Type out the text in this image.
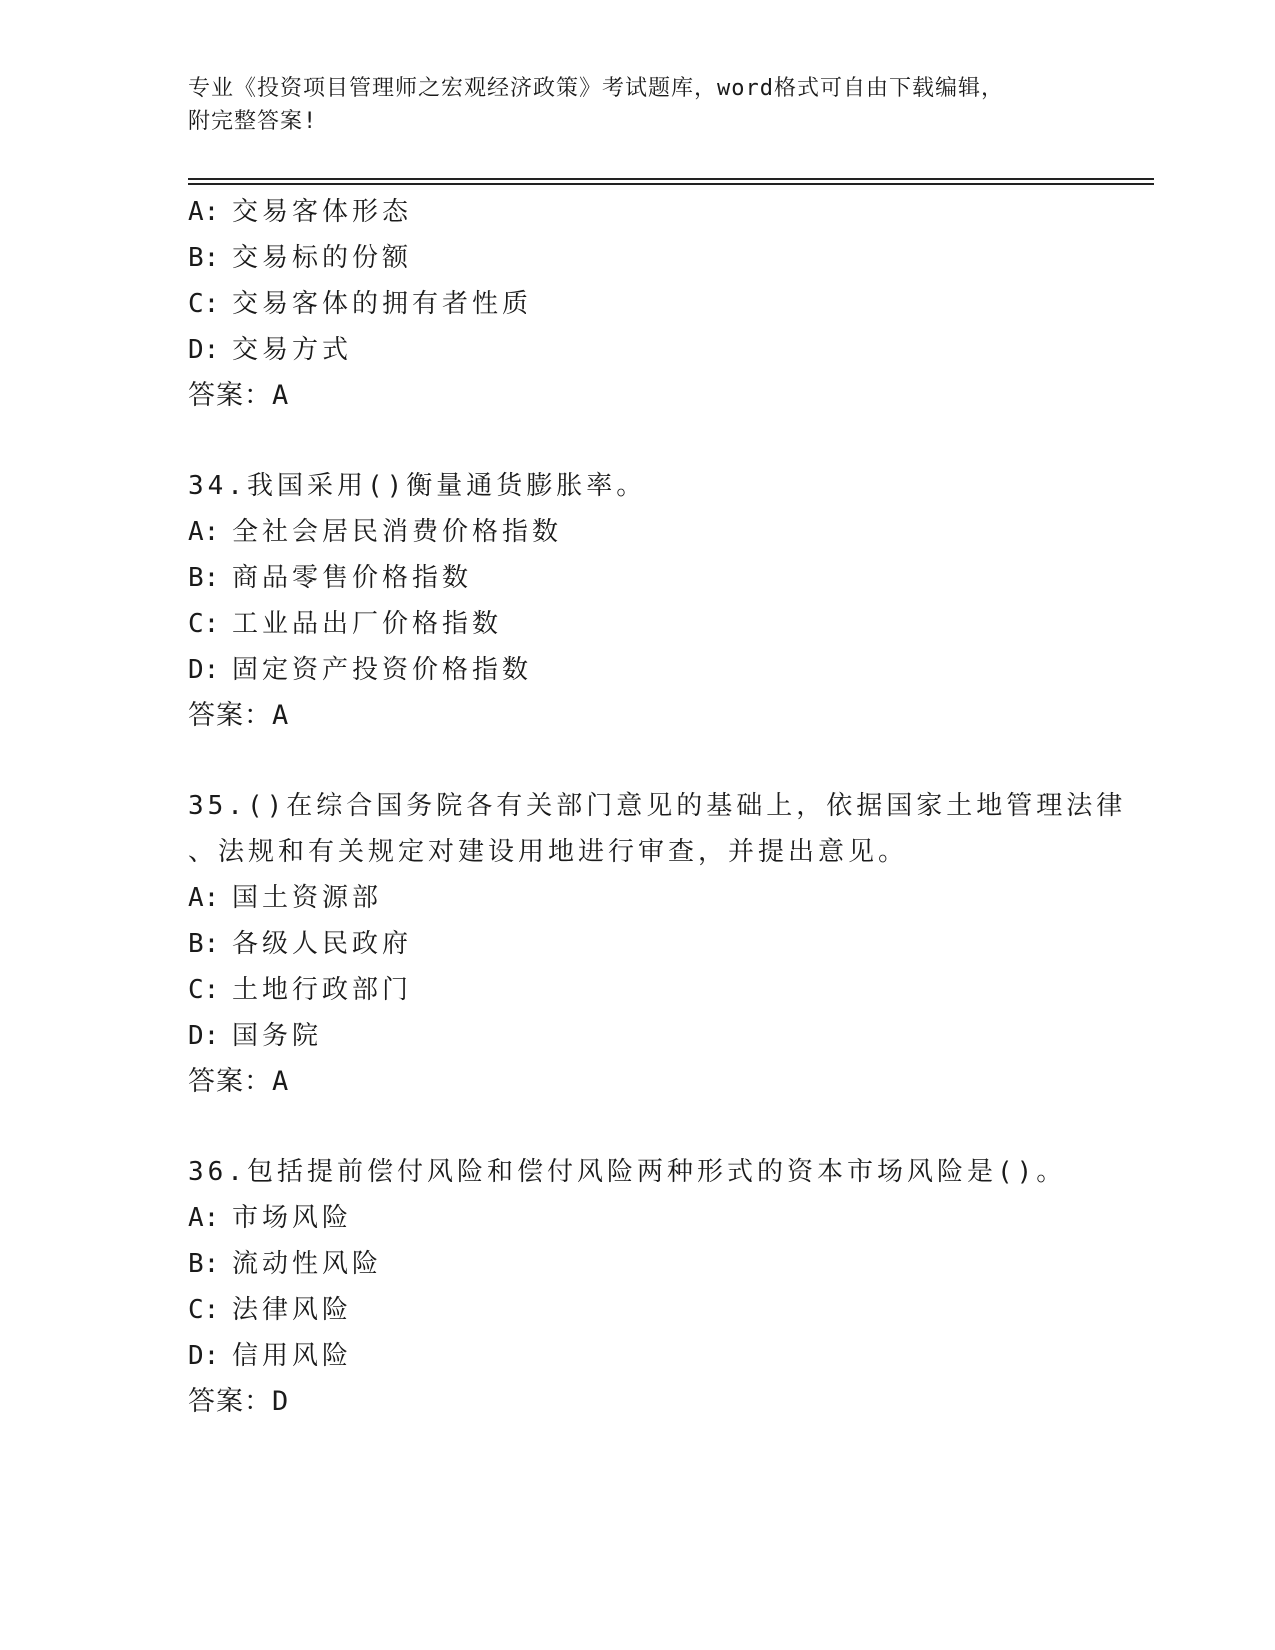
专业《投资项目管理师之宏观经济政策》考试题库，word格式可自由下载编辑，
附完整答案!
A: 交易客体形态
B: 交易标的份额
C: 交易客体的拥有者性质
D: 交易方式
答案：A
34.我国采用()衡量通货膨胀率。
A: 全社会居民消费价格指数
B: 商品零售价格指数
C: 工业品出厂价格指数
D: 固定资产投资价格指数
答案：A
35.()在综合国务院各有关部门意见的基础上，依据国家土地管理法律
、法规和有关规定对建设用地进行审查，并提出意见。
A: 国土资源部
B: 各级人民政府
C: 土地行政部门
D: 国务院
答案：A
36.包括提前偿付风险和偿付风险两种形式的资本市场风险是()。
A: 市场风险
B: 流动性风险
C: 法律风险
D: 信用风险
答案：D
